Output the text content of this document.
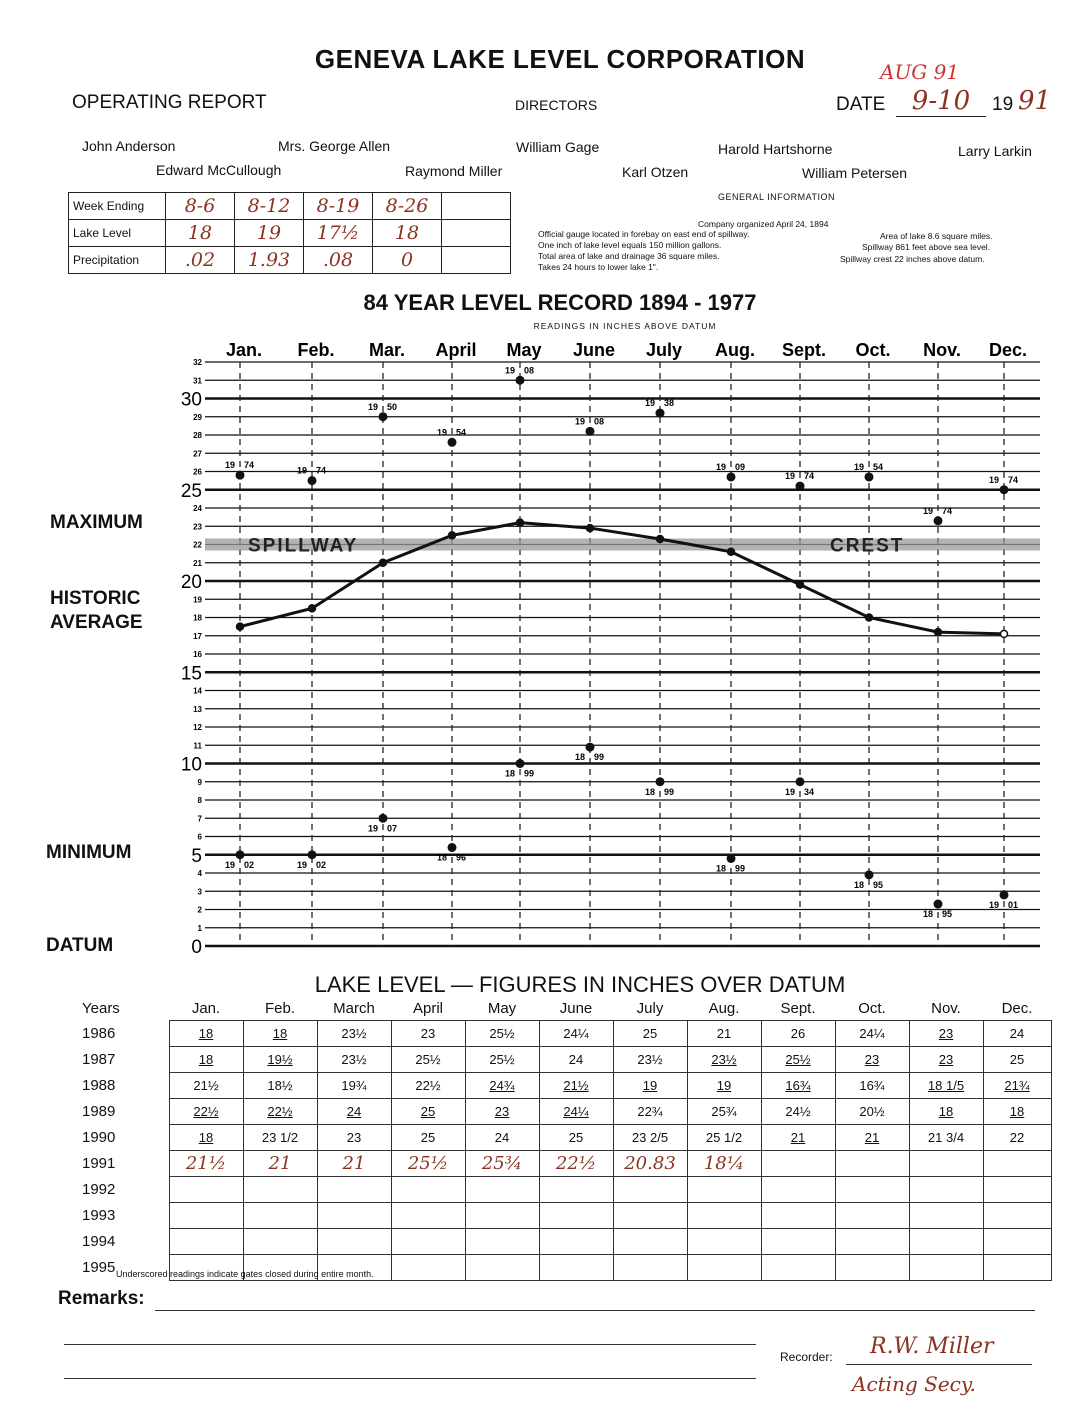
GENEVA LAKE LEVEL CORPORATION
OPERATING REPORT	DIRECTORS
AUG 91
DATE	9-10	19 91
John Anderson	Mrs. George Allen	William Gage	Harold Hartshorne	Larry Larkin
Edward McCullough	Raymond Miller	Karl Otzen	William Petersen
Week Ending	8-6	8-12	8-19	8-26	
Lake Level	18	19	17½	18	
Precipitation	.02	1.93	.08	0	
GENERAL INFORMATION
Company organized April 24, 1894
Official gauge located in forebay on east end of spillway.	Area of lake 8.6 square miles.
One inch of lake level equals 150 million gallons.	Spillway 861 feet above sea level.
Total area of lake and drainage 36 square miles.	Spillway crest 22 inches above datum.
Takes 24 hours to lower lake 1".
84 YEAR LEVEL RECORD 1894 - 1977
READINGS IN INCHES ABOVE DATUM
MAXIMUM
HISTORIC
AVERAGE
MINIMUM
DATUM
SPILLWAY	CREST
0
5
10
15
20
25
30
1
2
3
4
6
7
8
9
11
12
13
14
16
17
18
19
21
22
23
24
26
27
28
29
31
32
Jan. Feb. Mar. April May June July Aug. Sept. Oct. Nov. Dec.
19 74
19 74
19 50
19 54
19 08
19 08
19 38
19 09
19 74
19 54
19 74
19 74
19 02	19 02
19 07
18 96
18 99
18 99
18 99
18 99
19 34
18 95
18 95
19 01
LAKE LEVEL — FIGURES IN INCHES OVER DATUM
Years	Jan.	Feb.	March	April	May	June	July	Aug.	Sept.	Oct.	Nov.	Dec.
1986	18	18	23½	23	25½	24¼	25	21	26	24¼	23	24
1987	18	19½	23½	25½	25½	24	23½	23½	25½	23	23	25
1988	21½	18½	19¾	22½	24¾	21½	19	19	16¾	16¾	18 1/5	21¾
1989	22½	22½	24	25	23	24¼	22¾	25¾	24½	20½	18	18
1990	18	23 1/2	23	25	24	25	23 2/5	25 1/2	21	21	21 3/4	22
1991	21½	21	21	25½	25¾	22½	20.83	18¼				
1992												
1993												
1994												
1995												Underscored readings indicate gates closed during entire month.
Remarks:
Recorder: R.W. Miller
Acting Secy.
